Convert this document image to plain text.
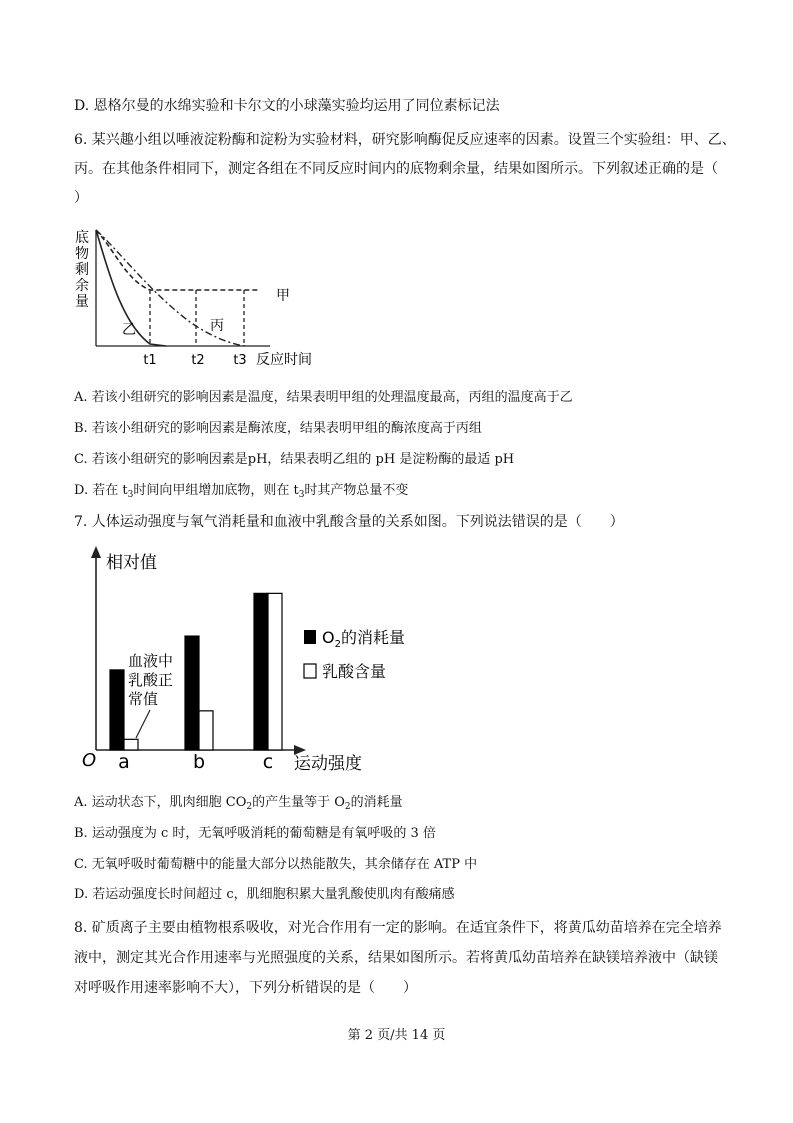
D. 恩格尔曼的水绵实验和卡尔文的小球藻实验均运用了同位素标记法
6. 某兴趣小组以唾液淀粉酶和淀粉为实验材料，研究影响酶促反应速率的因素。设置三个实验组：甲、乙、
丙。在其他条件相同下，测定各组在不同反应时间内的底物剩余量，结果如图所示。下列叙述正确的是（
）
底
物
剩
余
量
乙	丙
甲
t1	t2 t3 反应时间
A. 若该小组研究的影响因素是温度，结果表明甲组的处理温度最高，丙组的温度高于乙
B. 若该小组研究的影响因素是酶浓度，结果表明甲组的酶浓度高于丙组
C. 若该小组研究的影响因素是pH，结果表明乙组的 pH 是淀粉酶的最适 pH
D. 若在 $t_3$时间向甲组增加底物，则在 $t_3$时其产物总量不变
7. 人体运动强度与氧气消耗量和血液中乳酸含量的关系如图。下列说法错误的是（　　）
相对值
O	运动强度
a	b	c
血液中
乳酸正
常值
$O_2$的消耗量
乳酸含量
A. 运动状态下，肌肉细胞 $CO_2$的产生量等于 $O_2$的消耗量
B. 运动强度为 c 时，无氧呼吸消耗的葡萄糖是有氧呼吸的 3 倍
C. 无氧呼吸时葡萄糖中的能量大部分以热能散失，其余储存在 ATP 中
D. 若运动强度长时间超过 c，肌细胞积累大量乳酸使肌肉有酸痛感
8. 矿质离子主要由植物根系吸收，对光合作用有一定的影响。在适宜条件下，将黄瓜幼苗培养在完全培养
液中，测定其光合作用速率与光照强度的关系，结果如图所示。若将黄瓜幼苗培养在缺镁培养液中（缺镁
对呼吸作用速率影响不大），下列分析错误的是（　　）
第 2 页/共 14 页
